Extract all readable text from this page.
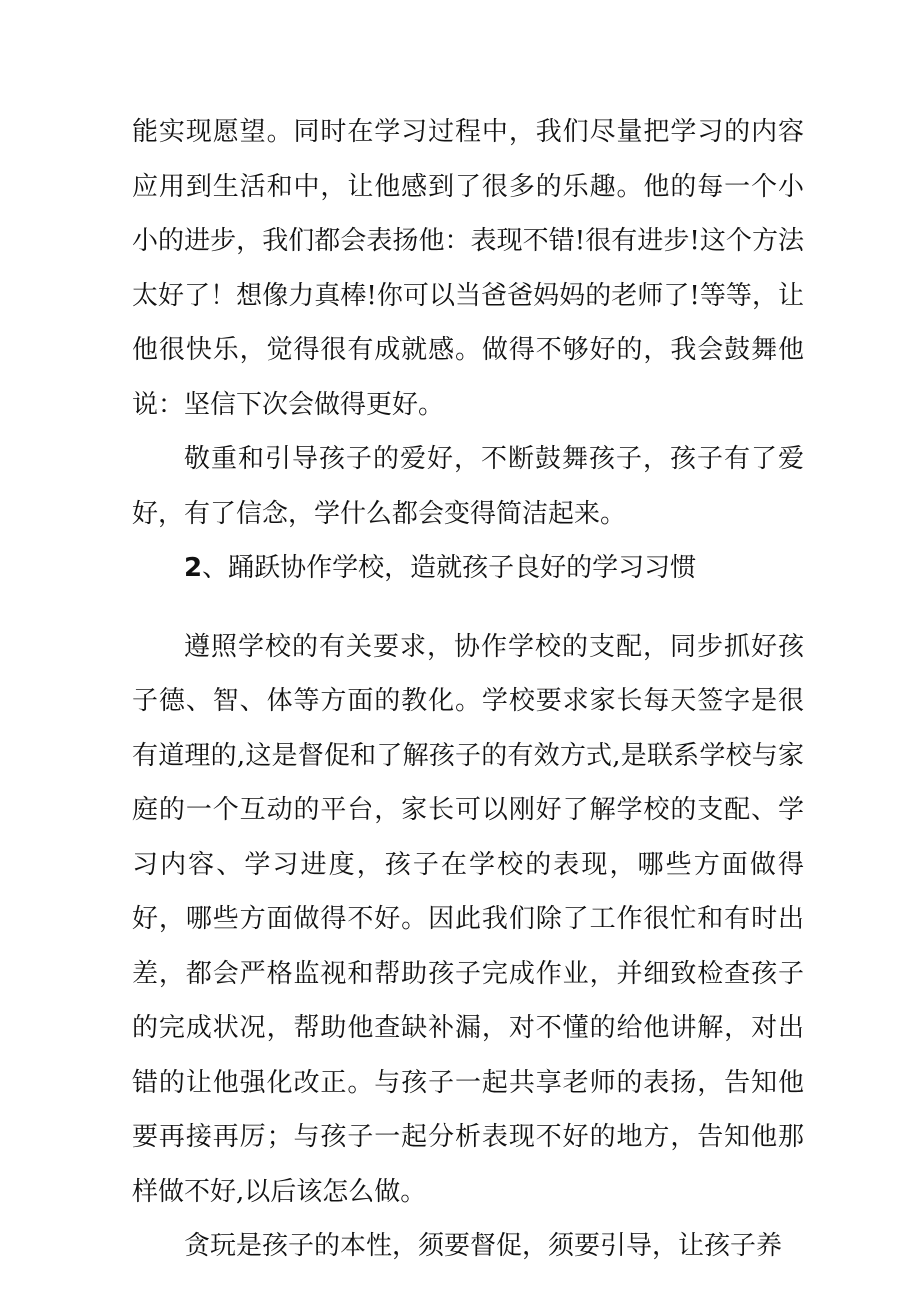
能实现愿望。同时在学习过程中，我们尽量把学习的内容应用到生活和中，让他感到了很多的乐趣。他的每一个小小的进步，我们都会表扬他：表现不错!很有进步!这个方法太好了！想像力真棒!你可以当爸爸妈妈的老师了!等等，让他很快乐，觉得很有成就感。做得不够好的，我会鼓舞他说：坚信下次会做得更好。

敬重和引导孩子的爱好，不断鼓舞孩子，孩子有了爱好，有了信念，学什么都会变得简洁起来。

2、踊跃协作学校，造就孩子良好的学习习惯

遵照学校的有关要求，协作学校的支配，同步抓好孩子德、智、体等方面的教化。学校要求家长每天签字是很有道理的,这是督促和了解孩子的有效方式,是联系学校与家庭的一个互动的平台，家长可以刚好了解学校的支配、学习内容、学习进度，孩子在学校的表现，哪些方面做得好，哪些方面做得不好。因此我们除了工作很忙和有时出差，都会严格监视和帮助孩子完成作业，并细致检查孩子的完成状况，帮助他查缺补漏，对不懂的给他讲解，对出错的让他强化改正。与孩子一起共享老师的表扬，告知他要再接再厉；与孩子一起分析表现不好的地方，告知他那样做不好,以后该怎么做。

贪玩是孩子的本性，须要督促，须要引导，让孩子养
